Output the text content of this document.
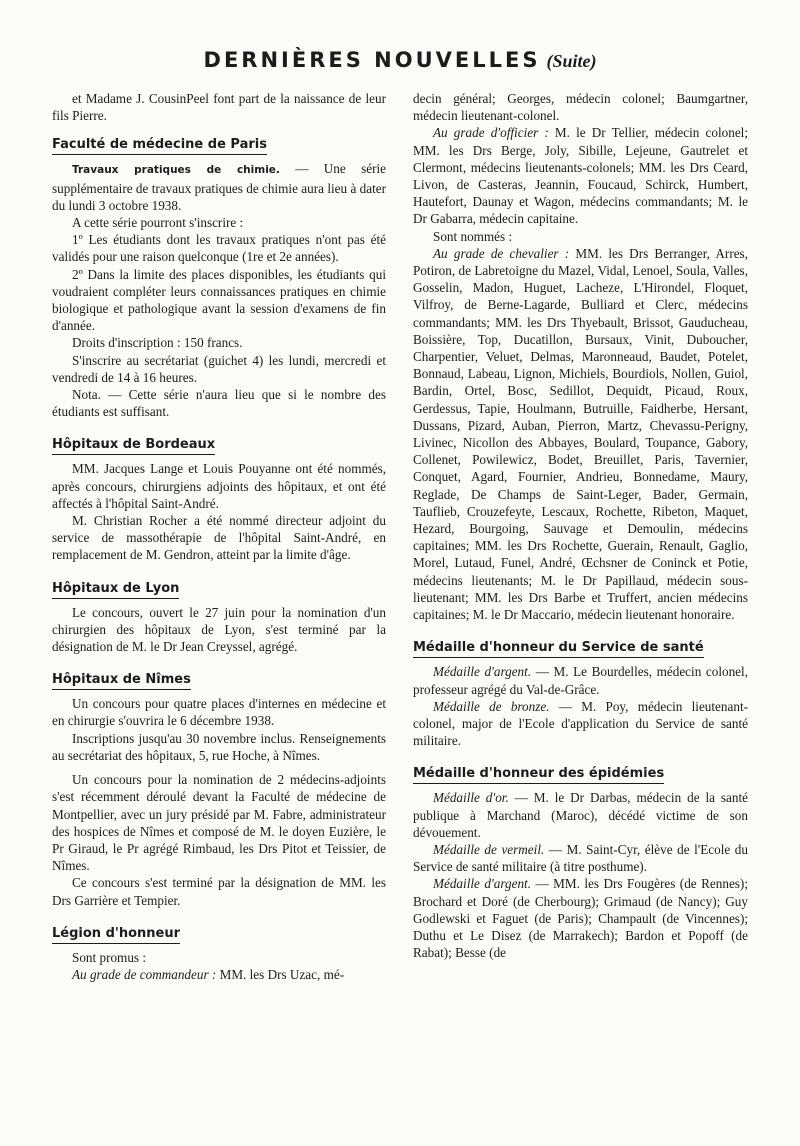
DERNIÈRES NOUVELLES (Suite)

et Madame J. CousinPeel font part de la naissance de leur fils Pierre.

Faculté de médecine de Paris

Travaux pratiques de chimie. — Une série supplémentaire de travaux pratiques de chimie aura lieu à dater du lundi 3 octobre 1938.

A cette série pourront s'inscrire :

1º Les étudiants dont les travaux pratiques n'ont pas été validés pour une raison quelconque (1re et 2e années).

2º Dans la limite des places disponibles, les étudiants qui voudraient compléter leurs connaissances pratiques en chimie biologique et pathologique avant la session d'examens de fin d'année.

Droits d'inscription : 150 francs.

S'inscrire au secrétariat (guichet 4) les lundi, mercredi et vendredi de 14 à 16 heures.

Nota. — Cette série n'aura lieu que si le nombre des étudiants est suffisant.

Hôpitaux de Bordeaux

MM. Jacques Lange et Louis Pouyanne ont été nommés, après concours, chirurgiens adjoints des hôpitaux, et ont été affectés à l'hôpital Saint-André.

M. Christian Rocher a été nommé directeur adjoint du service de massothérapie de l'hôpital Saint-André, en remplacement de M. Gendron, atteint par la limite d'âge.

Hôpitaux de Lyon

Le concours, ouvert le 27 juin pour la nomination d'un chirurgien des hôpitaux de Lyon, s'est terminé par la désignation de M. le Dr Jean Creyssel, agrégé.

Hôpitaux de Nîmes

Un concours pour quatre places d'internes en médecine et en chirurgie s'ouvrira le 6 décembre 1938.

Inscriptions jusqu'au 30 novembre inclus. Renseignements au secrétariat des hôpitaux, 5, rue Hoche, à Nîmes.

Un concours pour la nomination de 2 médecins-adjoints s'est récemment déroulé devant la Faculté de médecine de Montpellier, avec un jury présidé par M. Fabre, administrateur des hospices de Nîmes et composé de M. le doyen Euzière, le Pr Giraud, le Pr agrégé Rimbaud, les Drs Pitot et Teissier, de Nîmes.

Ce concours s'est terminé par la désignation de MM. les Drs Garrière et Tempier.

Légion d'honneur

Sont promus :

Au grade de commandeur : MM. les Drs Uzac, mé-

decin général; Georges, médecin colonel; Baumgartner, médecin lieutenant-colonel.

Au grade d'officier : M. le Dr Tellier, médecin colonel; MM. les Drs Berge, Joly, Sibille, Lejeune, Gautrelet et Clermont, médecins lieutenants-colonels; MM. les Drs Ceard, Livon, de Casteras, Jeannin, Foucaud, Schirck, Humbert, Hautefort, Daunay et Wagon, médecins commandants; M. le Dr Gabarra, médecin capitaine.

Sont nommés :

Au grade de chevalier : MM. les Drs Berranger, Arres, Potiron, de Labretoigne du Mazel, Vidal, Lenoel, Soula, Valles, Gosselin, Madon, Huguet, Lacheze, L'Hirondel, Floquet, Vilfroy, de Berne-Lagarde, Bulliard et Clerc, médecins commandants; MM. les Drs Thyebault, Brissot, Gauducheau, Boissière, Top, Ducatillon, Bursaux, Vinit, Duboucher, Charpentier, Veluet, Delmas, Maronneaud, Baudet, Potelet, Bonnaud, Labeau, Lignon, Michiels, Bourdiols, Nollen, Guiol, Bardin, Ortel, Bosc, Sedillot, Dequidt, Picaud, Roux, Gerdessus, Tapie, Houlmann, Butruille, Faidherbe, Hersant, Dussans, Pizard, Auban, Pierron, Martz, Chevassu-Perigny, Livinec, Nicollon des Abbayes, Boulard, Toupance, Gabory, Collenet, Powilewicz, Bodet, Breuillet, Paris, Tavernier, Conquet, Agard, Fournier, Andrieu, Bonnedame, Maury, Reglade, De Champs de Saint-Leger, Bader, Germain, Tauflieb, Crouzefeyte, Lescaux, Rochette, Ribeton, Maquet, Hezard, Bourgoing, Sauvage et Demoulin, médecins capitaines; MM. les Drs Rochette, Guerain, Renault, Gaglio, Morel, Lutaud, Funel, André, Œchsner de Coninck et Potie, médecins lieutenants; M. le Dr Papillaud, médecin sous-lieutenant; MM. les Drs Barbe et Truffert, ancien médecins capitaines; M. le Dr Maccario, médecin lieutenant honoraire.

Médaille d'honneur du Service de santé

Médaille d'argent. — M. Le Bourdelles, médecin colonel, professeur agrégé du Val-de-Grâce.

Médaille de bronze. — M. Poy, médecin lieutenant-colonel, major de l'Ecole d'application du Service de santé militaire.

Médaille d'honneur des épidémies

Médaille d'or. — M. le Dr Darbas, médecin de la santé publique à Marchand (Maroc), décédé victime de son dévouement.

Médaille de vermeil. — M. Saint-Cyr, élève de l'Ecole du Service de santé militaire (à titre posthume).

Médaille d'argent. — MM. les Drs Fougères (de Rennes); Brochard et Doré (de Cherbourg); Grimaud (de Nancy); Guy Godlewski et Faguet (de Paris); Champault (de Vincennes); Duthu et Le Disez (de Marrakech); Bardon et Popoff (de Rabat); Besse (de
